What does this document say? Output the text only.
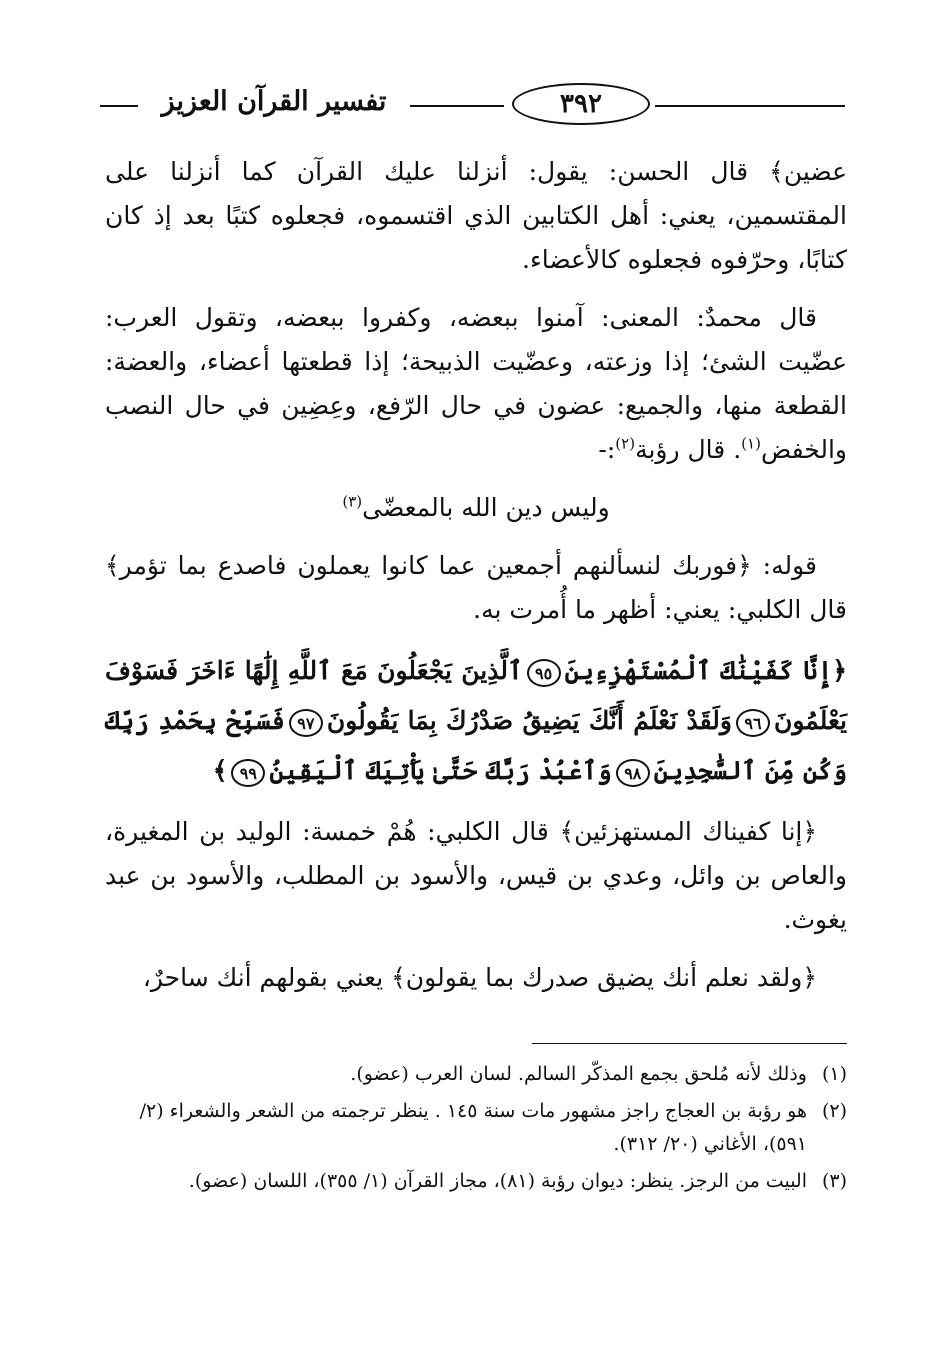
تفسير القرآن العزيز	٣٩٢

عضين﴾ قال الحسن: يقول: أنزلنا عليك القرآن كما أنزلنا على المقتسمين، يعني: أهل الكتابين الذي اقتسموه، فجعلوه كتبًا بعد إذ كان كتابًا، وحرّفوه فجعلوه كالأعضاء.

قال محمدٌ: المعنى: آمنوا ببعضه، وكفروا ببعضه، وتقول العرب: عضّيت الشئ؛ إذا وزعته، وعضّيت الذبيحة؛ إذا قطعتها أعضاء، والعضة: القطعة منها، والجميع: عضون في حال الرّفع، وعِضِين في حال النصب والخفض$^{(١)}$. قال رؤبة$^{(٢)}$:-

وليس دين الله بالمعضّى$^{(٣)}$

قوله: ﴿فوربك لنسألنهم أجمعين عما كانوا يعملون فاصدع بما تؤمر﴾ قال الكلبي: يعني: أظهر ما أُمرت به.

﴿إِنَّا كَفَيْنَٰكَ ٱلْمُسْتَهْزِءِينَ٩٥ٱلَّذِينَ يَجْعَلُونَ مَعَ ٱللَّهِ إِلَٰهًا ءَاخَرَ فَسَوْفَ يَعْلَمُونَ٩٦وَلَقَدْ نَعْلَمُ أَنَّكَ يَضِيقُ صَدْرُكَ بِمَا يَقُولُونَ٩٧فَسَبِّحْ بِحَمْدِ رَبِّكَ وَكُن مِّنَ ٱلسَّٰجِدِينَ٩٨وَٱعْبُدْ رَبَّكَ حَتَّىٰ يَأْتِيَكَ ٱلْيَقِينُ٩٩﴾

﴿إنا كفيناك المستهزئين﴾ قال الكلبي: هُمْ خمسة: الوليد بن المغيرة، والعاص بن وائل، وعدي بن قيس، والأسود بن المطلب، والأسود بن عبد يغوث.

﴿ولقد نعلم أنك يضيق صدرك بما يقولون﴾ يعني بقولهم أنك ساحرٌ،

(١)
وذلك لأنه مُلحق بجمع المذكّر السالم. لسان العرب (عضو).
(٢)
هو رؤبة بن العجاج راجز مشهور مات سنة ١٤٥ . ينظر ترجمته من الشعر والشعراء (٢/ ٥٩١)، الأغاني (٢٠/ ٣١٢).
(٣)
البيت من الرجز. ينظر: ديوان رؤبة (٨١)، مجاز القرآن (١/ ٣٥٥)، اللسان (عضو).
